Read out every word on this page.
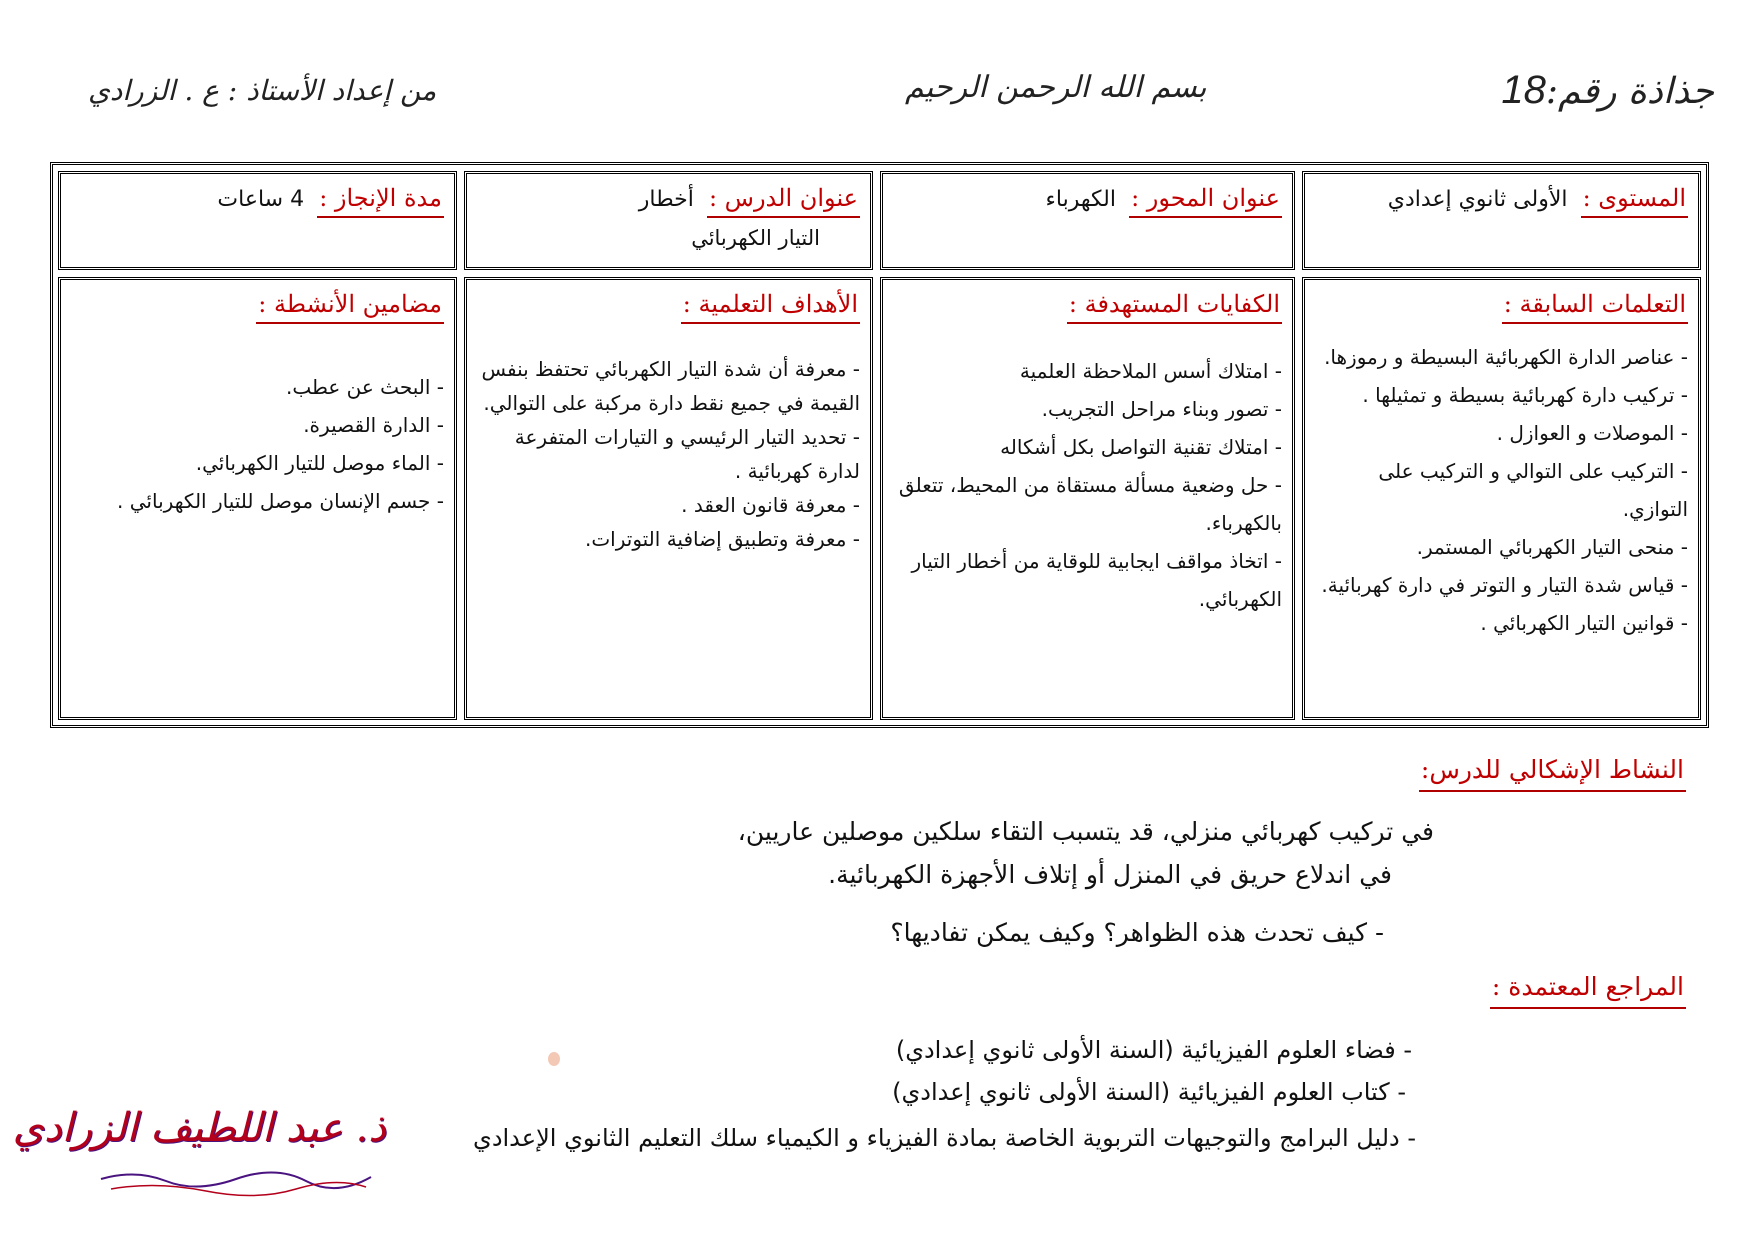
جذاذة رقم:18
بسم الله الرحمن الرحيم
من إعداد الأستاذ : ع . الزرادي
المستوى : الأولى ثانوي إعدادي
عنوان المحور : الكهرباء
عنوان الدرس : أخطار
التيار الكهربائي
مدة الإنجاز : 4 ساعات
التعلمات السابقة :
- عناصر الدارة الكهربائية البسيطة و رموزها.
- تركيب دارة كهربائية بسيطة و تمثيلها .
- الموصلات و العوازل .
- التركيب على التوالي و التركيب على التوازي.
- منحى التيار الكهربائي المستمر.
- قياس شدة التيار و التوتر في دارة كهربائية.
- قوانين التيار الكهربائي .
الكفايات المستهدفة :
- امتلاك أسس الملاحظة العلمية
- تصور وبناء مراحل التجريب.
- امتلاك تقنية التواصل بكل أشكاله
- حل وضعية مسألة مستقاة من المحيط، تتعلق بالكهرباء.
- اتخاذ مواقف ايجابية للوقاية من أخطار التيار الكهربائي.
الأهداف التعلمية :
- معرفة أن شدة التيار الكهربائي تحتفظ بنفس القيمة في جميع نقط دارة مركبة على التوالي.
- تحديد التيار الرئيسي و التيارات المتفرعة لدارة كهربائية .
- معرفة قانون العقد .
- معرفة وتطبيق إضافية التوترات.
مضامين الأنشطة :
- البحث عن عطب.
- الدارة القصيرة.
- الماء موصل للتيار الكهربائي.
- جسم الإنسان موصل للتيار الكهربائي .
النشاط الإشكالي للدرس:
في تركيب كهربائي منزلي، قد يتسبب التقاء سلكين موصلين عاريين،
في اندلاع حريق في المنزل أو إتلاف الأجهزة الكهربائية.
- كيف تحدث هذه الظواهر؟ وكيف يمكن تفاديها؟
المراجع المعتمدة :
- فضاء العلوم الفيزيائية (السنة الأولى ثانوي إعدادي)
- كتاب العلوم الفيزيائية (السنة الأولى ثانوي إعدادي)
- دليل البرامج والتوجيهات التربوية الخاصة بمادة الفيزياء و الكيمياء سلك التعليم الثانوي الإعدادي
ذ. عبد اللطيف الزرادي
